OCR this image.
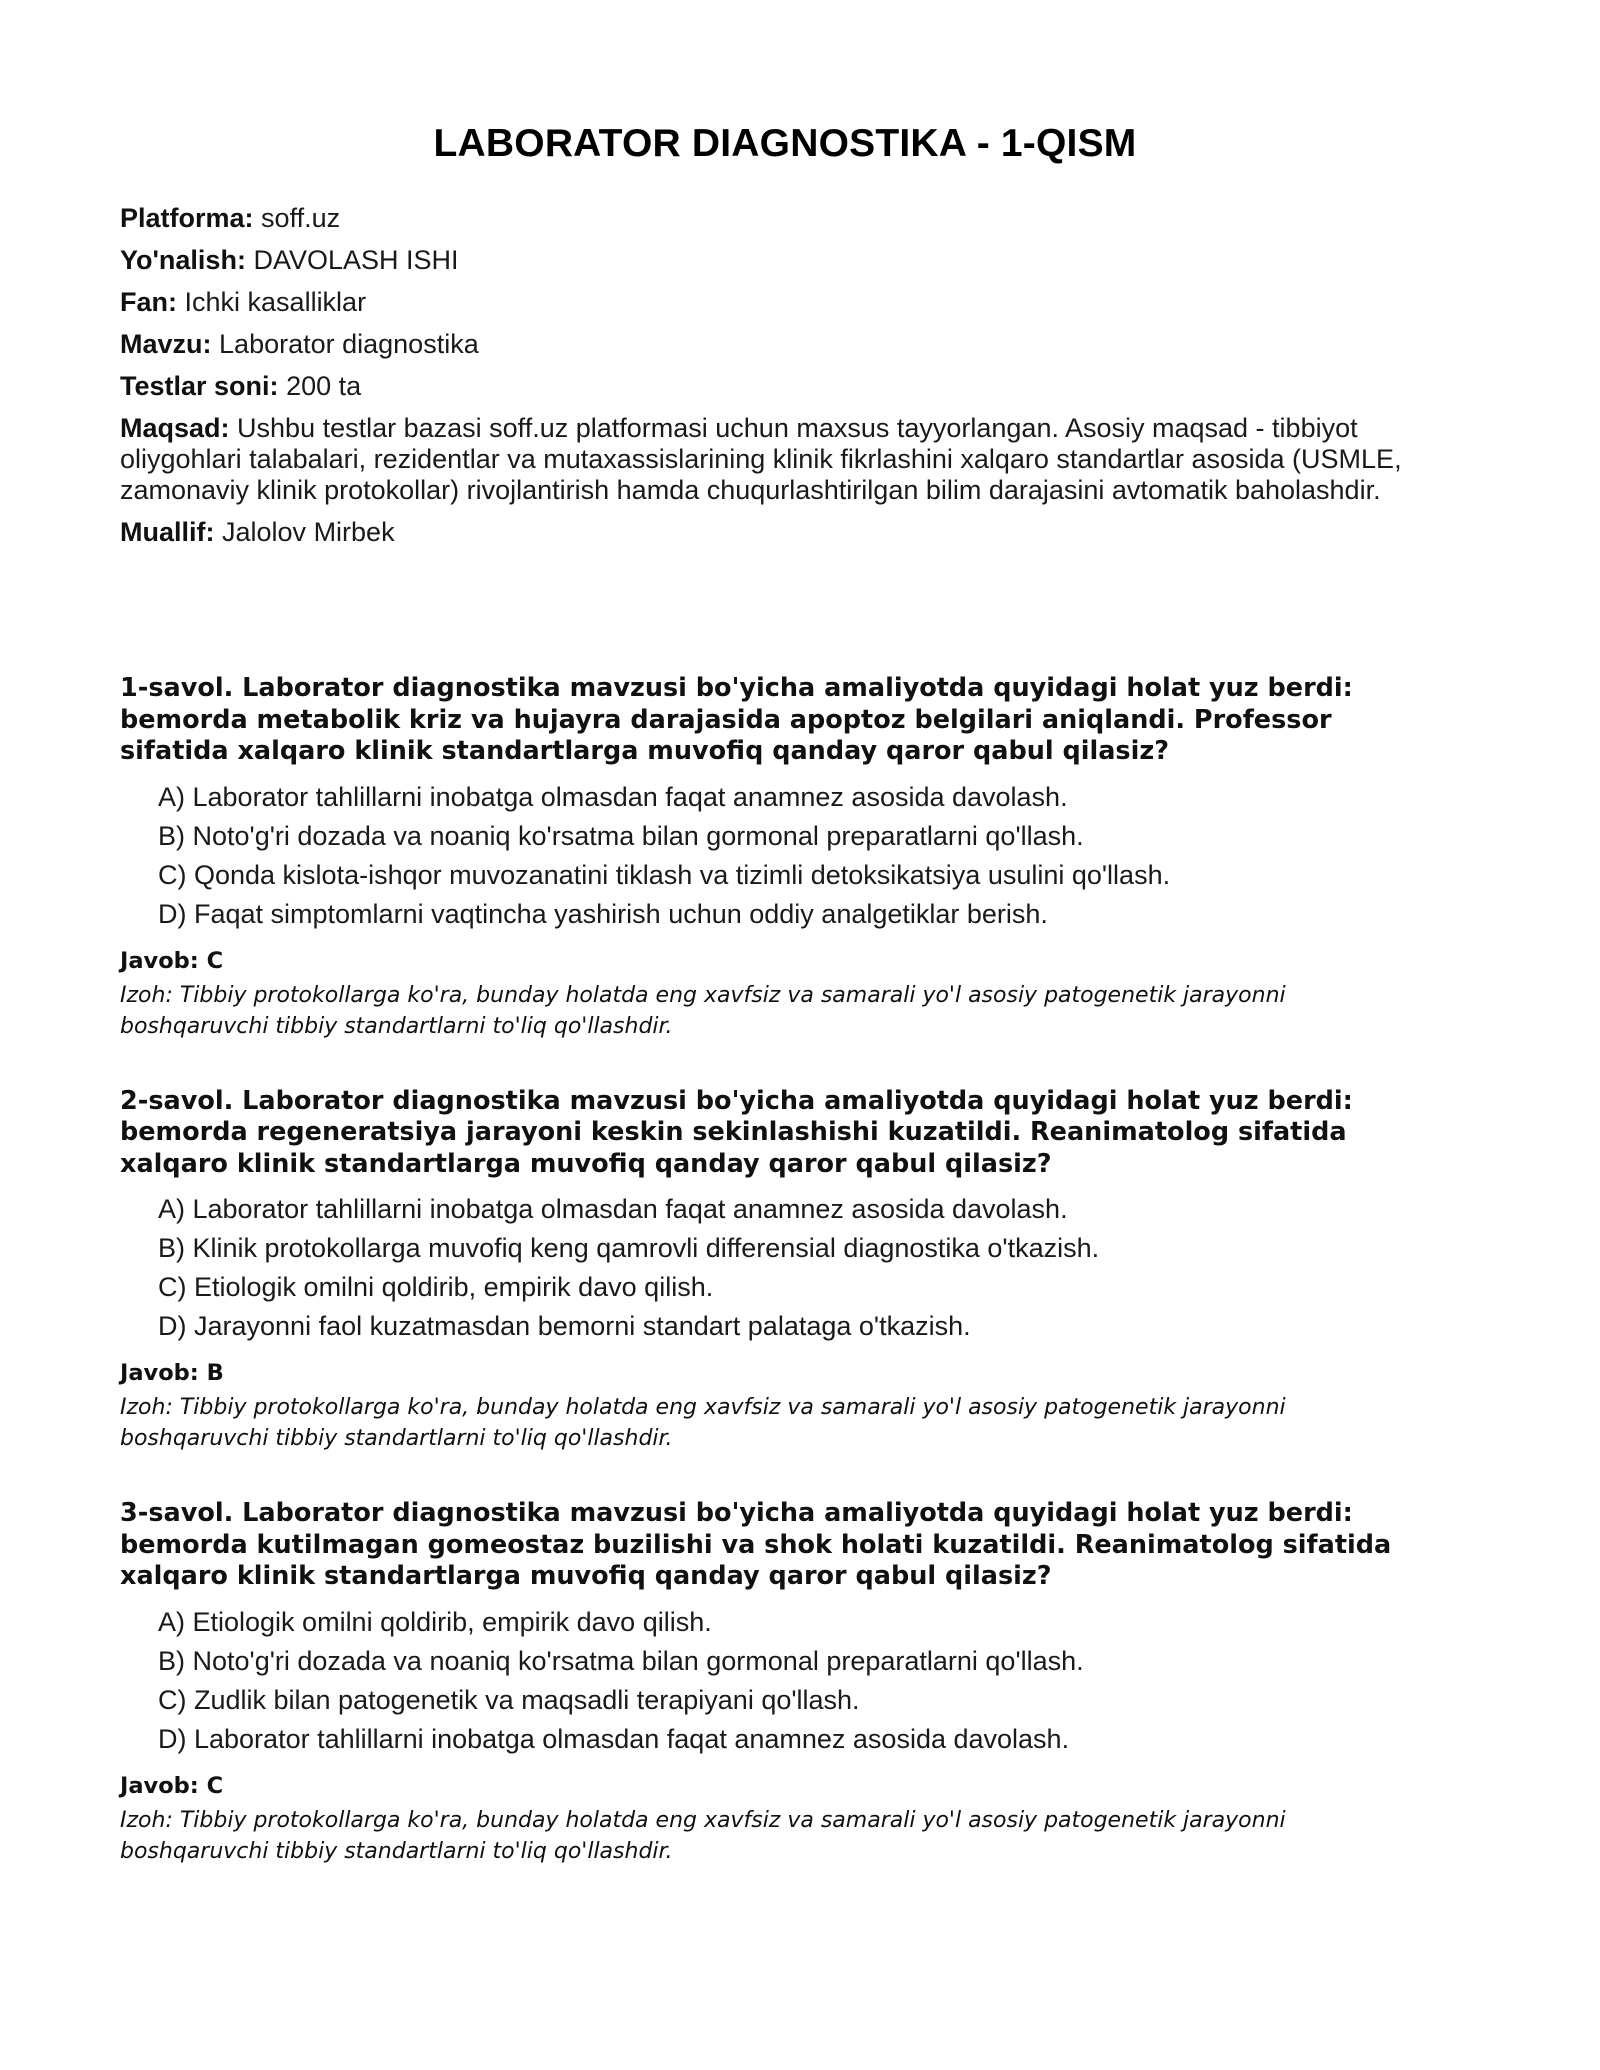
LABORATOR DIAGNOSTIKA - 1-QISM

Platforma: soff.uz

Yo'nalish: DAVOLASH ISHI

Fan: Ichki kasalliklar

Mavzu: Laborator diagnostika

Testlar soni: 200 ta

Maqsad: Ushbu testlar bazasi soff.uz platformasi uchun maxsus tayyorlangan. Asosiy maqsad - tibbiyot oliygohlari talabalari, rezidentlar va mutaxassislarining klinik fikrlashini xalqaro standartlar asosida (USMLE, zamonaviy klinik protokollar) rivojlantirish hamda chuqurlashtirilgan bilim darajasini avtomatik baholashdir.

Muallif: Jalolov Mirbek

1-savol. Laborator diagnostika mavzusi bo'yicha amaliyotda quyidagi holat yuz berdi: bemorda metabolik kriz va hujayra darajasida apoptoz belgilari aniqlandi. Professor sifatida xalqaro klinik standartlarga muvofiq qanday qaror qabul qilasiz?

A) Laborator tahlillarni inobatga olmasdan faqat anamnez asosida davolash.
B) Noto'g'ri dozada va noaniq ko'rsatma bilan gormonal preparatlarni qo'llash.
C) Qonda kislota-ishqor muvozanatini tiklash va tizimli detoksikatsiya usulini qo'llash.
D) Faqat simptomlarni vaqtincha yashirish uchun oddiy analgetiklar berish.

Javob: C

Izoh: Tibbiy protokollarga ko'ra, bunday holatda eng xavfsiz va samarali yo'l asosiy patogenetik jarayonni boshqaruvchi tibbiy standartlarni to'liq qo'llashdir.

2-savol. Laborator diagnostika mavzusi bo'yicha amaliyotda quyidagi holat yuz berdi: bemorda regeneratsiya jarayoni keskin sekinlashishi kuzatildi. Reanimatolog sifatida xalqaro klinik standartlarga muvofiq qanday qaror qabul qilasiz?

A) Laborator tahlillarni inobatga olmasdan faqat anamnez asosida davolash.
B) Klinik protokollarga muvofiq keng qamrovli differensial diagnostika o'tkazish.
C) Etiologik omilni qoldirib, empirik davo qilish.
D) Jarayonni faol kuzatmasdan bemorni standart palataga o'tkazish.

Javob: B

Izoh: Tibbiy protokollarga ko'ra, bunday holatda eng xavfsiz va samarali yo'l asosiy patogenetik jarayonni boshqaruvchi tibbiy standartlarni to'liq qo'llashdir.

3-savol. Laborator diagnostika mavzusi bo'yicha amaliyotda quyidagi holat yuz berdi: bemorda kutilmagan gomeostaz buzilishi va shok holati kuzatildi. Reanimatolog sifatida xalqaro klinik standartlarga muvofiq qanday qaror qabul qilasiz?

A) Etiologik omilni qoldirib, empirik davo qilish.
B) Noto'g'ri dozada va noaniq ko'rsatma bilan gormonal preparatlarni qo'llash.
C) Zudlik bilan patogenetik va maqsadli terapiyani qo'llash.
D) Laborator tahlillarni inobatga olmasdan faqat anamnez asosida davolash.

Javob: C

Izoh: Tibbiy protokollarga ko'ra, bunday holatda eng xavfsiz va samarali yo'l asosiy patogenetik jarayonni boshqaruvchi tibbiy standartlarni to'liq qo'llashdir.
